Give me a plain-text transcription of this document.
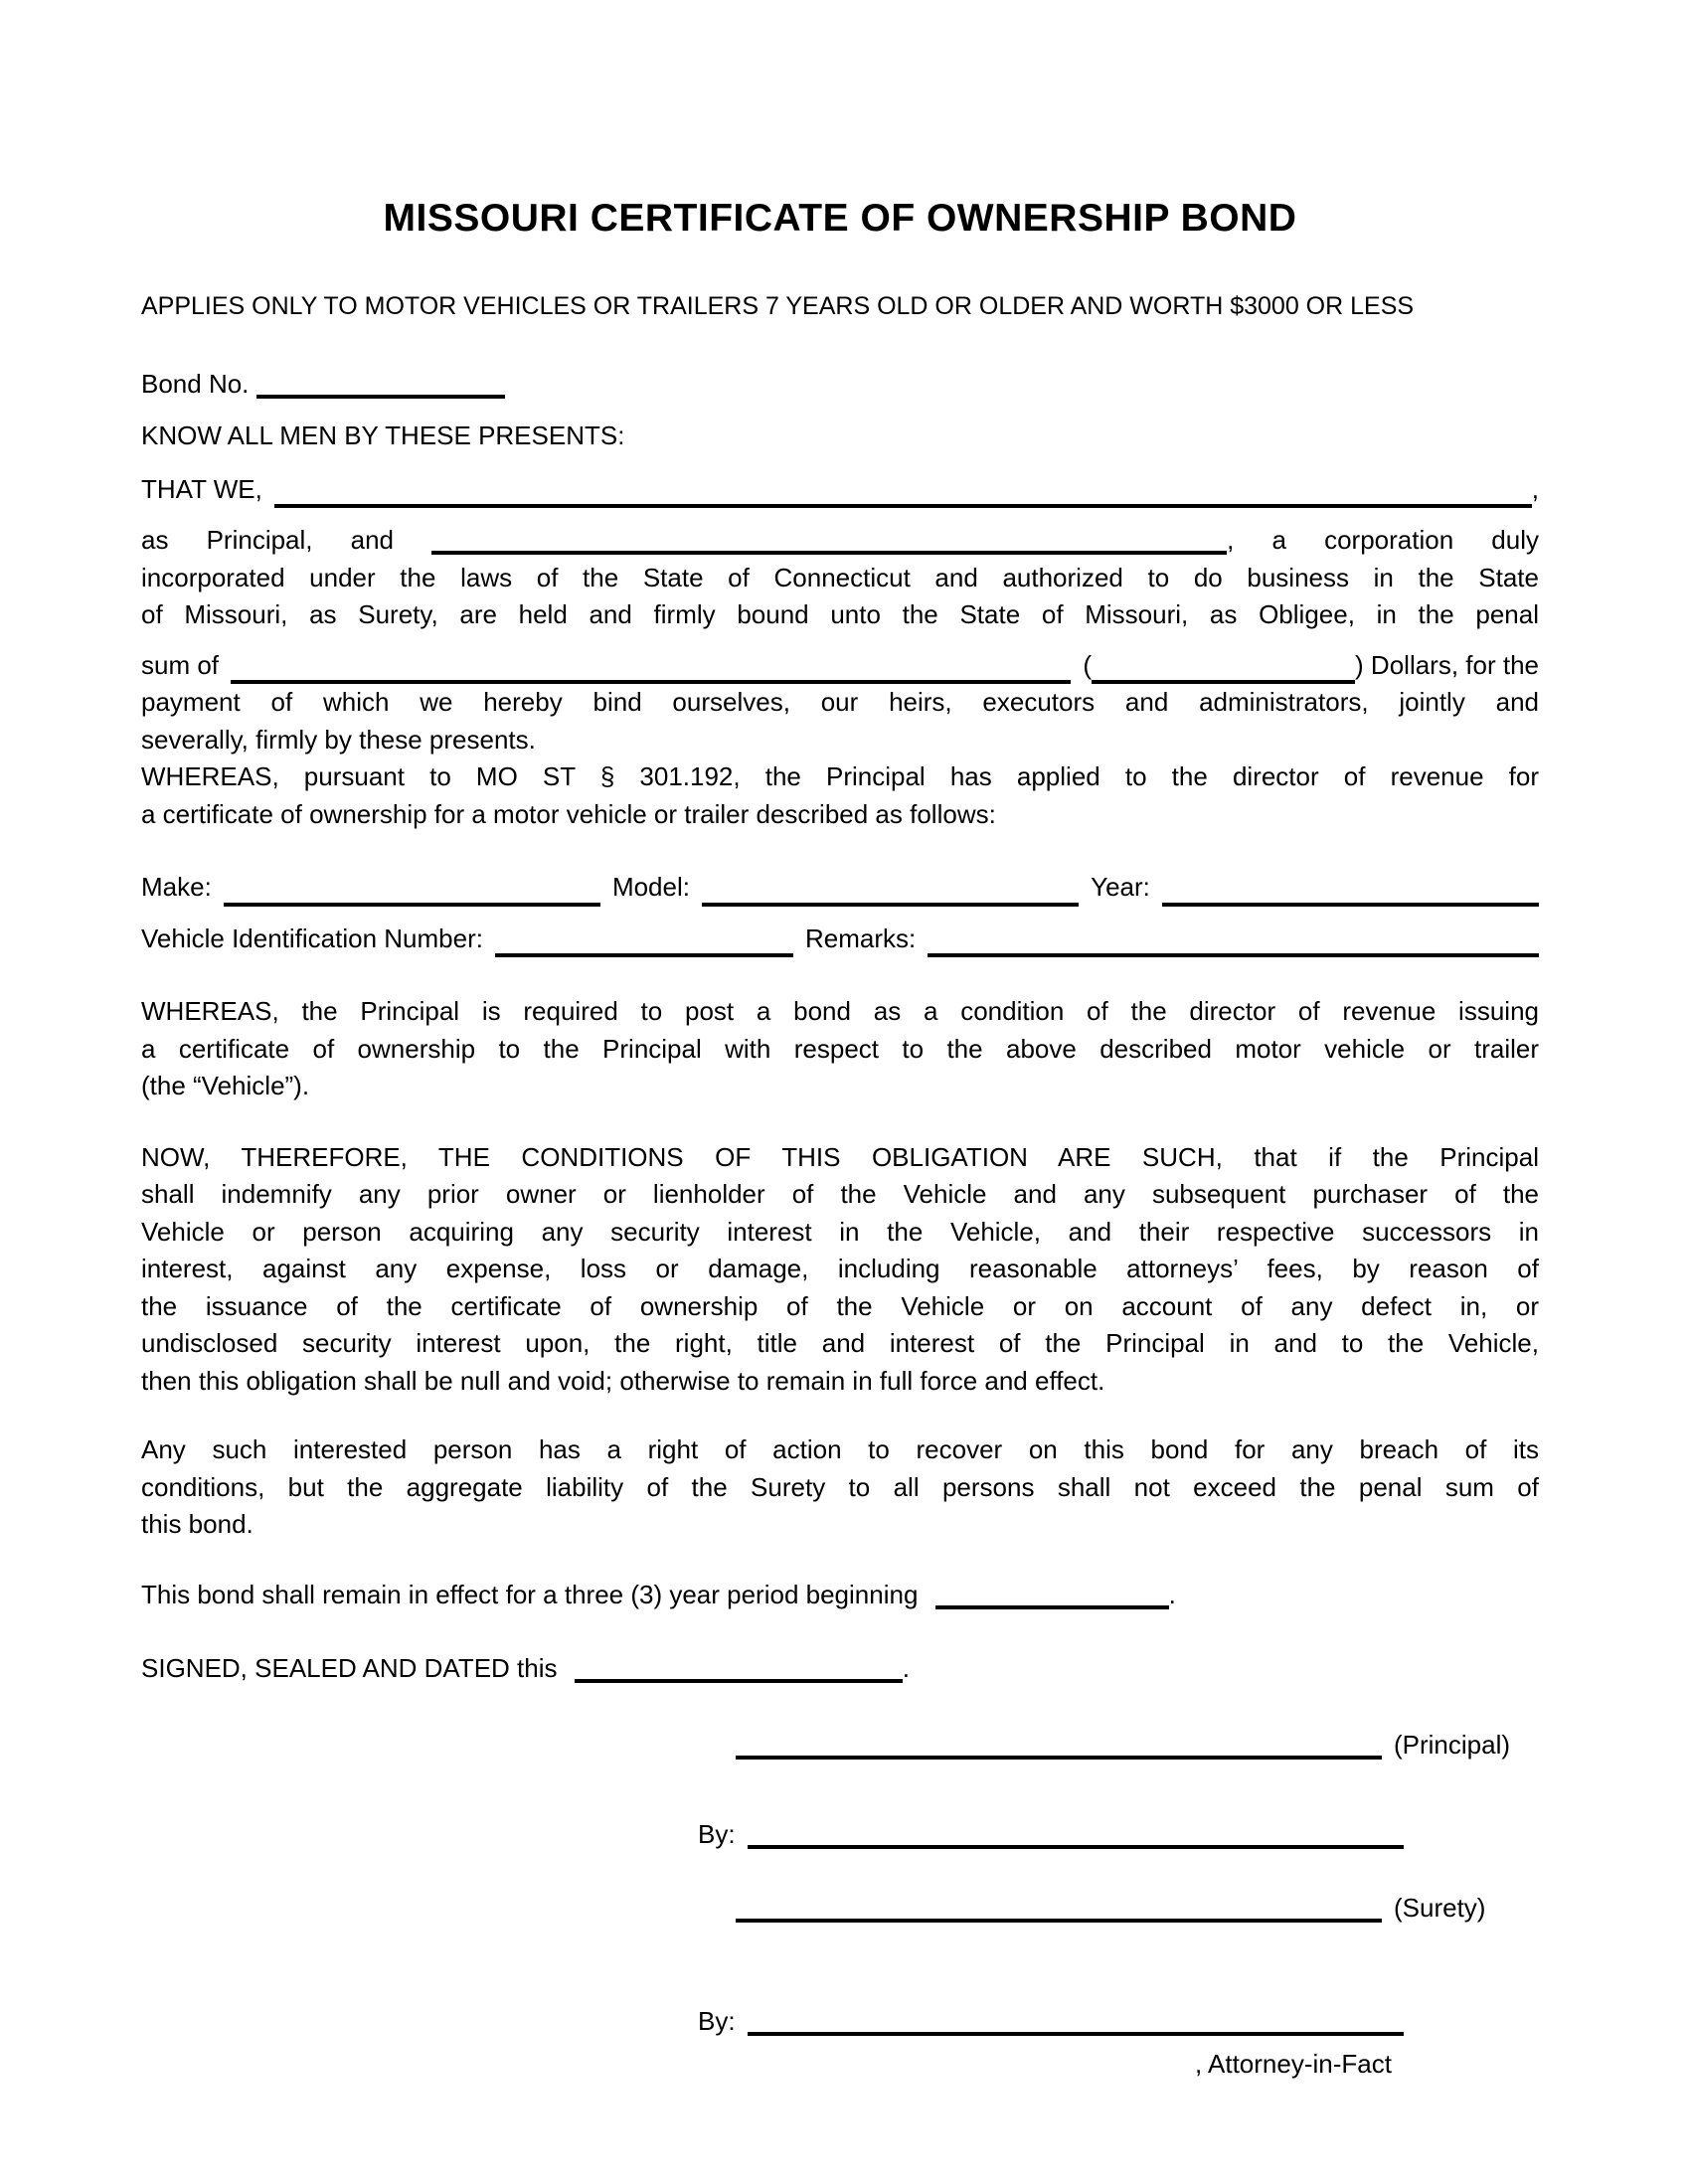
MISSOURI CERTIFICATE OF OWNERSHIP BOND
APPLIES ONLY TO MOTOR VEHICLES OR TRAILERS 7 YEARS OLD OR OLDER AND WORTH $3000 OR LESS
Bond No.
KNOW ALL MEN BY THESE PRESENTS:
THAT WE,	,
as Principal, and	, a corporation duly
incorporated under the laws of the State of Connecticut and authorized to do business in the State
of Missouri, as Surety, are held and firmly bound unto the State of Missouri, as Obligee, in the penal
sum of	(	) Dollars, for the
payment of which we hereby bind ourselves, our heirs, executors and administrators, jointly and
severally, firmly by these presents.
WHEREAS, pursuant to MO ST § 301.192, the Principal has applied to the director of revenue for
a certificate of ownership for a motor vehicle or trailer described as follows:
Make:	Model:	Year:
Vehicle Identification Number:	Remarks:
WHEREAS, the Principal is required to post a bond as a condition of the director of revenue issuing
a certificate of ownership to the Principal with respect to the above described motor vehicle or trailer
(the “Vehicle”).
NOW, THEREFORE, THE CONDITIONS OF THIS OBLIGATION ARE SUCH, that if the Principal
shall indemnify any prior owner or lienholder of the Vehicle and any subsequent purchaser of the
Vehicle or person acquiring any security interest in the Vehicle, and their respective successors in
interest, against any expense, loss or damage, including reasonable attorneys’ fees, by reason of
the issuance of the certificate of ownership of the Vehicle or on account of any defect in, or
undisclosed security interest upon, the right, title and interest of the Principal in and to the Vehicle,
then this obligation shall be null and void; otherwise to remain in full force and effect.
Any such interested person has a right of action to recover on this bond for any breach of its
conditions, but the aggregate liability of the Surety to all persons shall not exceed the penal sum of
this bond.
This bond shall remain in effect for a three (3) year period beginning	.
SIGNED, SEALED AND DATED this	.
(Principal)
By:
(Surety)
By:
, Attorney-in-Fact
